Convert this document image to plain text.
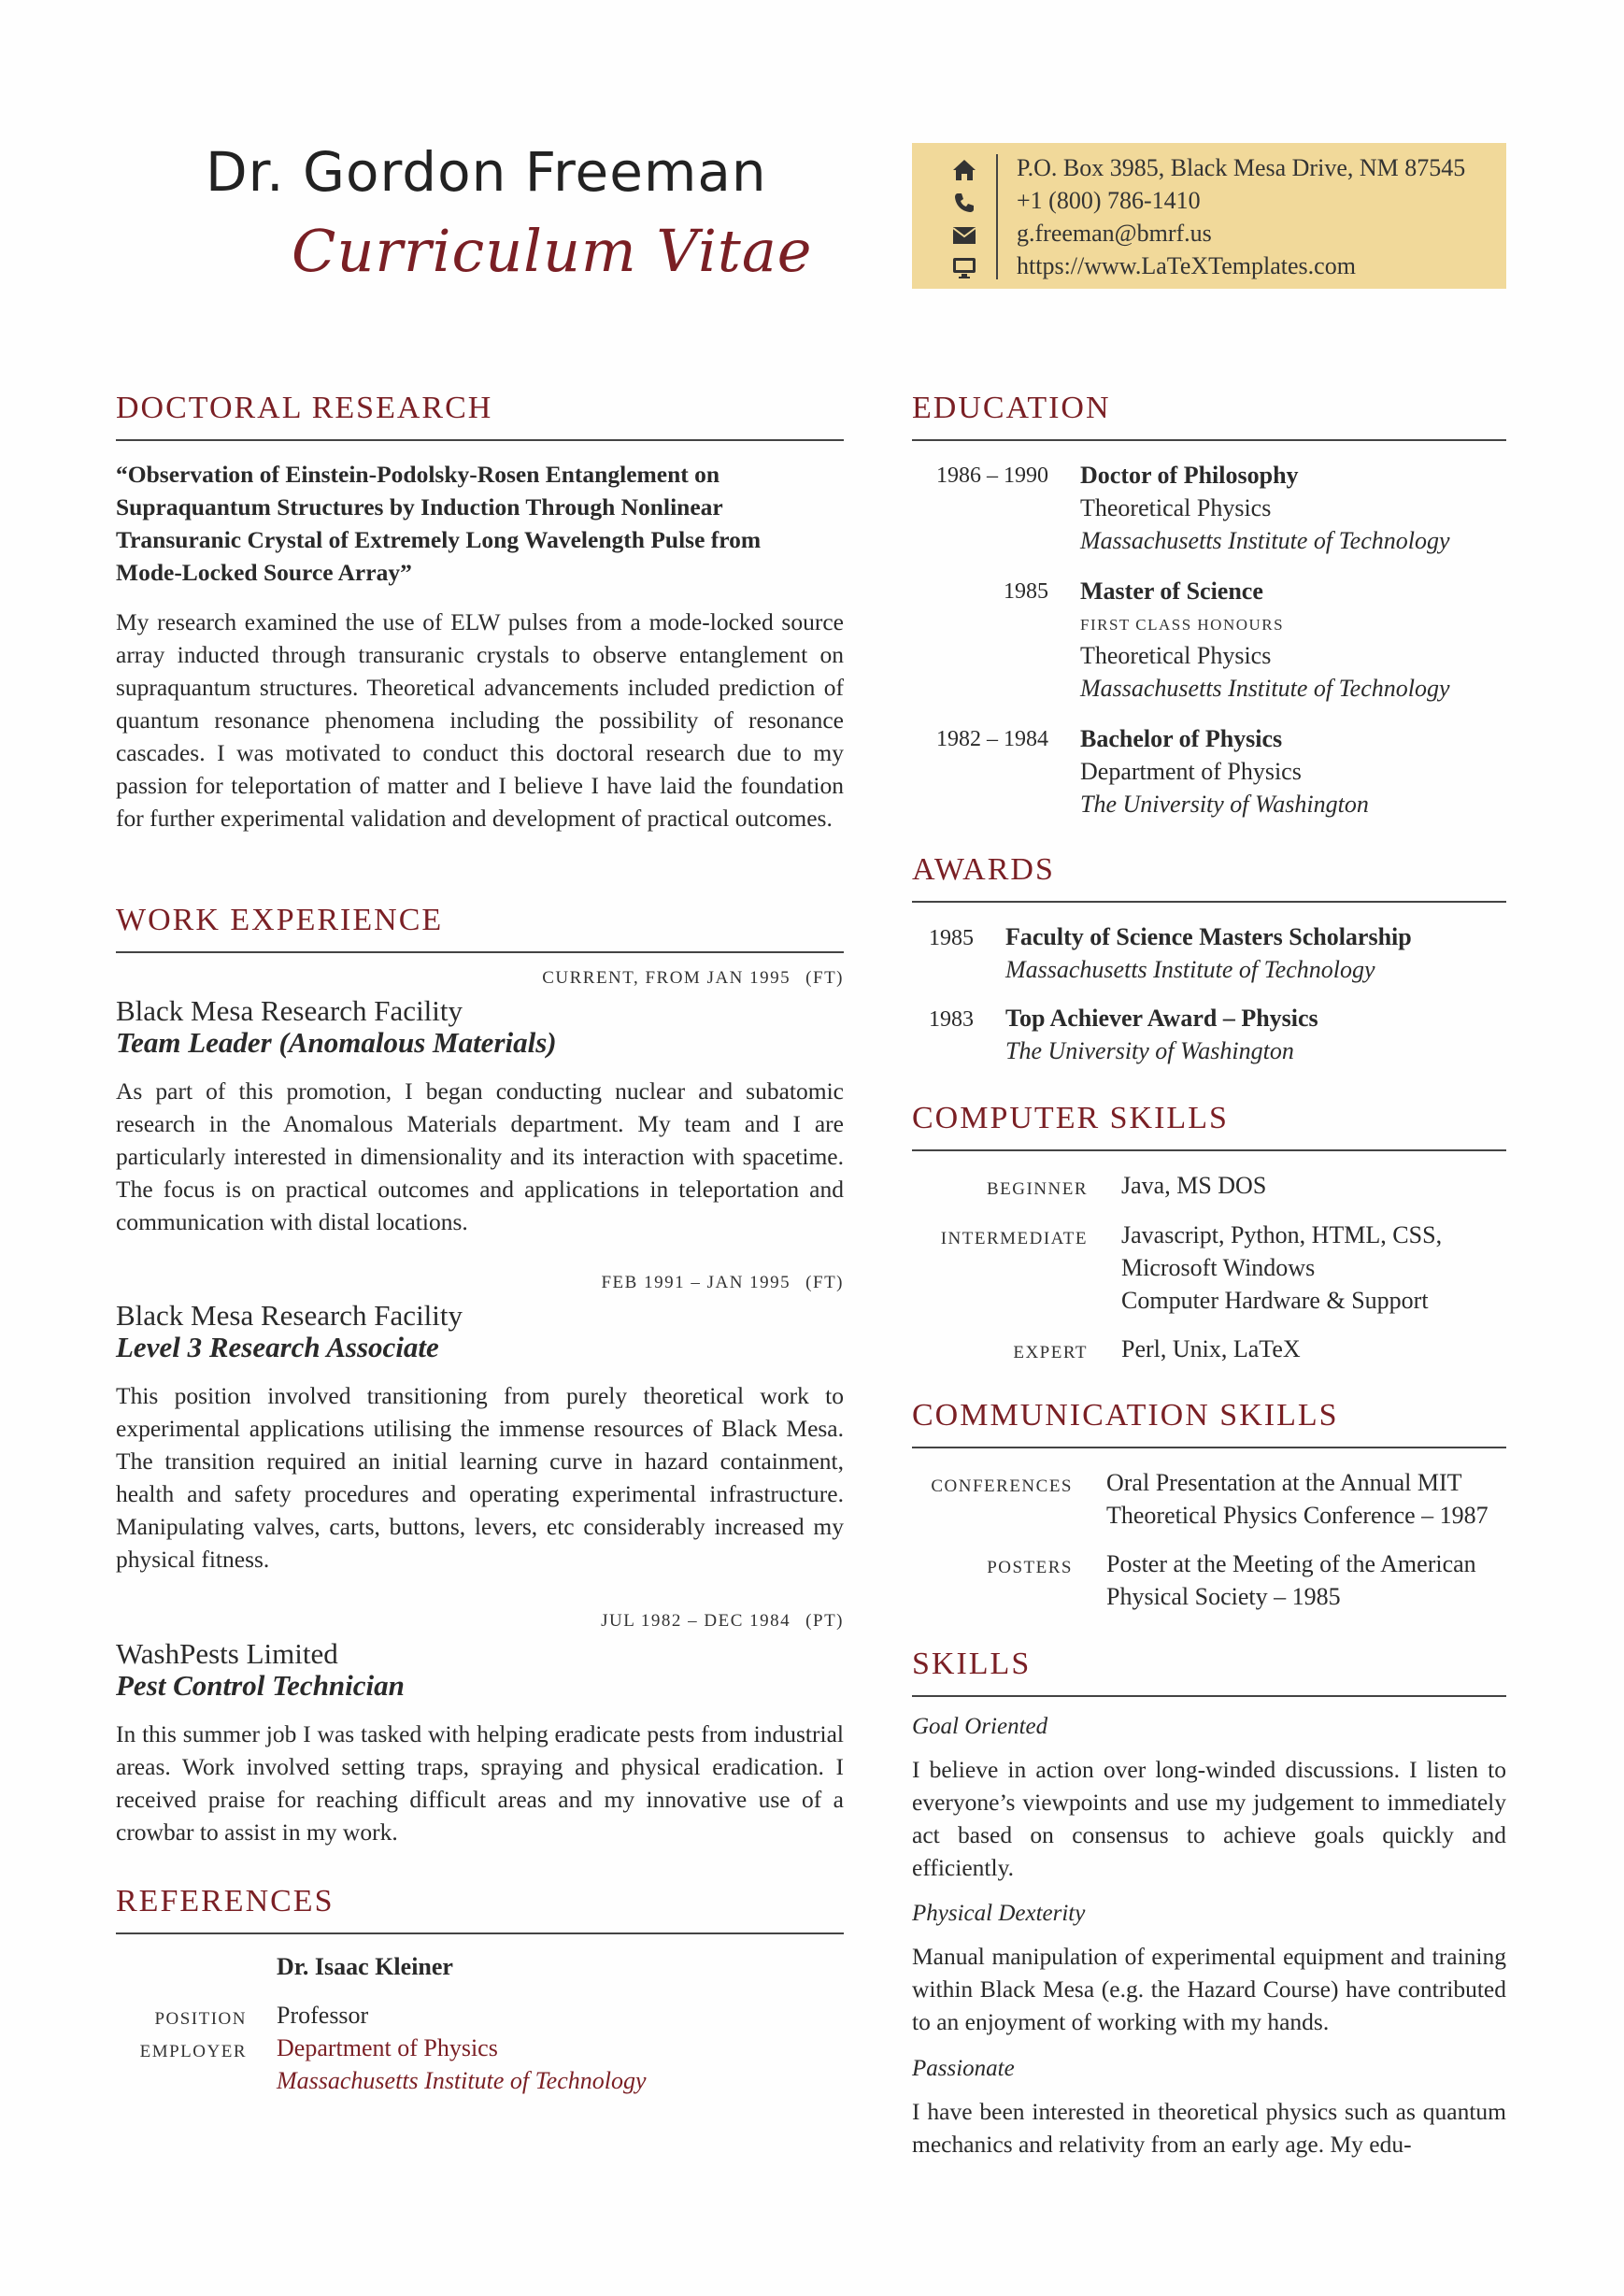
Dr. Gordon Freeman
Curriculum Vitae
P.O. Box 3985, Black Mesa Drive, NM 87545
+1 (800) 786-1410
g.freeman@bmrf.us
https://www.LaTeXTemplates.com
DOCTORAL RESEARCH
“Observation of Einstein-Podolsky-Rosen Entanglement on
Supraquantum Structures by Induction Through Nonlinear
Transuranic Crystal of Extremely Long Wavelength Pulse from
Mode-Locked Source Array”
My research examined the use of ELW pulses from a mode-locked source array inducted through transuranic crystals to observe entanglement on supraquantum structures. Theoretical advancements included prediction of quantum resonance phenomena including the possibility of resonance cascades. I was motivated to conduct this doctoral research due to my passion for teleportation of matter and I believe I have laid the foundation for further experimental validation and development of practical outcomes.
WORK EXPERIENCE
CURRENT, FROM JAN 1995 (FT)
Black Mesa Research Facility
Team Leader (Anomalous Materials)
As part of this promotion, I began conducting nuclear and subatomic research in the Anomalous Materials department. My team and I are particularly interested in dimensionality and its interaction with spacetime. The focus is on practical outcomes and applications in teleportation and communication with distal locations.
FEB 1991 – JAN 1995 (FT)
Black Mesa Research Facility
Level 3 Research Associate
This position involved transitioning from purely theoretical work to experimental applications utilising the immense resources of Black Mesa. The transition required an initial learning curve in hazard containment, health and safety procedures and operating experimental infrastructure. Manipulating valves, carts, buttons, levers, etc considerably increased my physical fitness.
JUL 1982 – DEC 1984 (PT)
WashPests Limited
Pest Control Technician
In this summer job I was tasked with helping eradicate pests from industrial areas. Work involved setting traps, spraying and physical eradication. I received praise for reaching difficult areas and my innovative use of a crowbar to assist in my work.
REFERENCES
Dr. Isaac Kleiner
POSITION Professor
EMPLOYER Department of Physics
Massachusetts Institute of Technology
EDUCATION
1986 – 1990 Doctor of Philosophy
Theoretical Physics
Massachusetts Institute of Technology
1985 Master of Science
FIRST CLASS HONOURS
Theoretical Physics
Massachusetts Institute of Technology
1982 – 1984 Bachelor of Physics
Department of Physics
The University of Washington
AWARDS
1985 Faculty of Science Masters Scholarship
Massachusetts Institute of Technology
1983 Top Achiever Award – Physics
The University of Washington
COMPUTER SKILLS
BEGINNER Java, MS DOS
INTERMEDIATE Javascript, Python, HTML, CSS,
Microsoft Windows
Computer Hardware & Support
EXPERT Perl, Unix, LaTeX
COMMUNICATION SKILLS
CONFERENCES Oral Presentation at the Annual MIT
Theoretical Physics Conference – 1987
POSTERS Poster at the Meeting of the American
Physical Society – 1985
SKILLS
Goal Oriented
I believe in action over long-winded discussions. I listen to everyone’s viewpoints and use my judgement to immediately act based on consensus to achieve goals quickly and efficiently.
Physical Dexterity
Manual manipulation of experimental equipment and training within Black Mesa (e.g. the Hazard Course) have contributed to an enjoyment of working with my hands.
Passionate
I have been interested in theoretical physics such as quantum mechanics and relativity from an early age. My edu-
